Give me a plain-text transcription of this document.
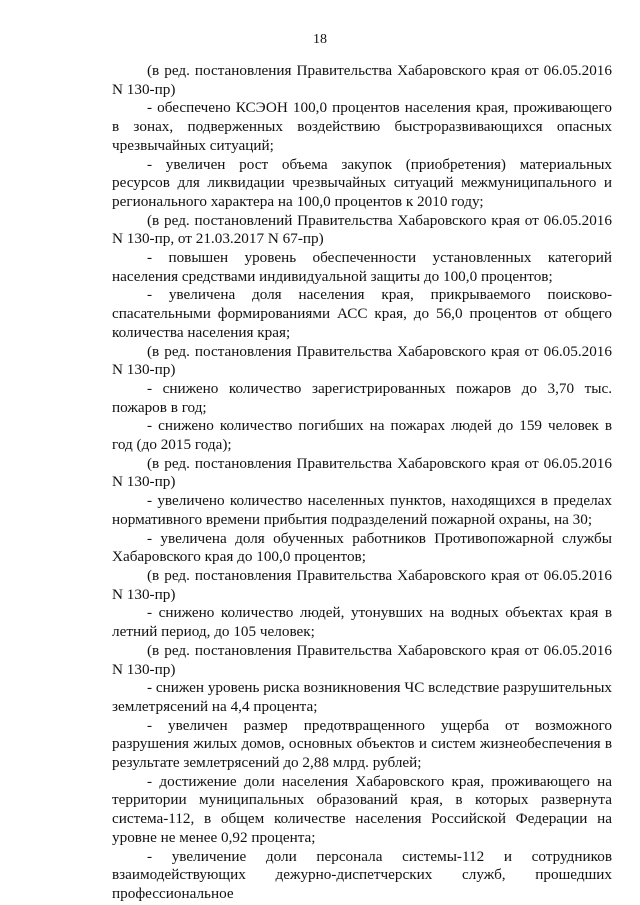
18

(в ред. постановления Правительства Хабаровского края от 06.05.2016 N 130-пр)

- обеспечено КСЭОН 100,0 процентов населения края, проживающего в зонах, подверженных воздействию быстроразвивающихся опасных чрезвычайных ситуаций;

- увеличен рост объема закупок (приобретения) материальных ресурсов для ликвидации чрезвычайных ситуаций межмуниципального и регионального характера на 100,0 процентов к 2010 году;

(в ред. постановлений Правительства Хабаровского края от 06.05.2016 N 130-пр, от 21.03.2017 N 67-пр)

- повышен уровень обеспеченности установленных категорий населения средствами индивидуальной защиты до 100,0 процентов;

- увеличена доля населения края, прикрываемого поисково-спасательными формированиями АСС края, до 56,0 процентов от общего количества населения края;

(в ред. постановления Правительства Хабаровского края от 06.05.2016 N 130-пр)

- снижено количество зарегистрированных пожаров до 3,70 тыс. пожаров в год;

- снижено количество погибших на пожарах людей до 159 человек в год (до 2015 года);

(в ред. постановления Правительства Хабаровского края от 06.05.2016 N 130-пр)

- увеличено количество населенных пунктов, находящихся в пределах нормативного времени прибытия подразделений пожарной охраны, на 30;

- увеличена доля обученных работников Противопожарной службы Хабаровского края до 100,0 процентов;

(в ред. постановления Правительства Хабаровского края от 06.05.2016 N 130-пр)

- снижено количество людей, утонувших на водных объектах края в летний период, до 105 человек;

(в ред. постановления Правительства Хабаровского края от 06.05.2016 N 130-пр)

- снижен уровень риска возникновения ЧС вследствие разрушительных землетрясений на 4,4 процента;

- увеличен размер предотвращенного ущерба от возможного разрушения жилых домов, основных объектов и систем жизнеобеспечения в результате землетрясений до 2,88 млрд. рублей;

- достижение доли населения Хабаровского края, проживающего на территории муниципальных образований края, в которых развернута система-112, в общем количестве населения Российской Федерации на уровне не менее 0,92 процента;

- увеличение доли персонала системы-112 и сотрудников взаимодействующих дежурно-диспетчерских служб, прошедших профессиональное
